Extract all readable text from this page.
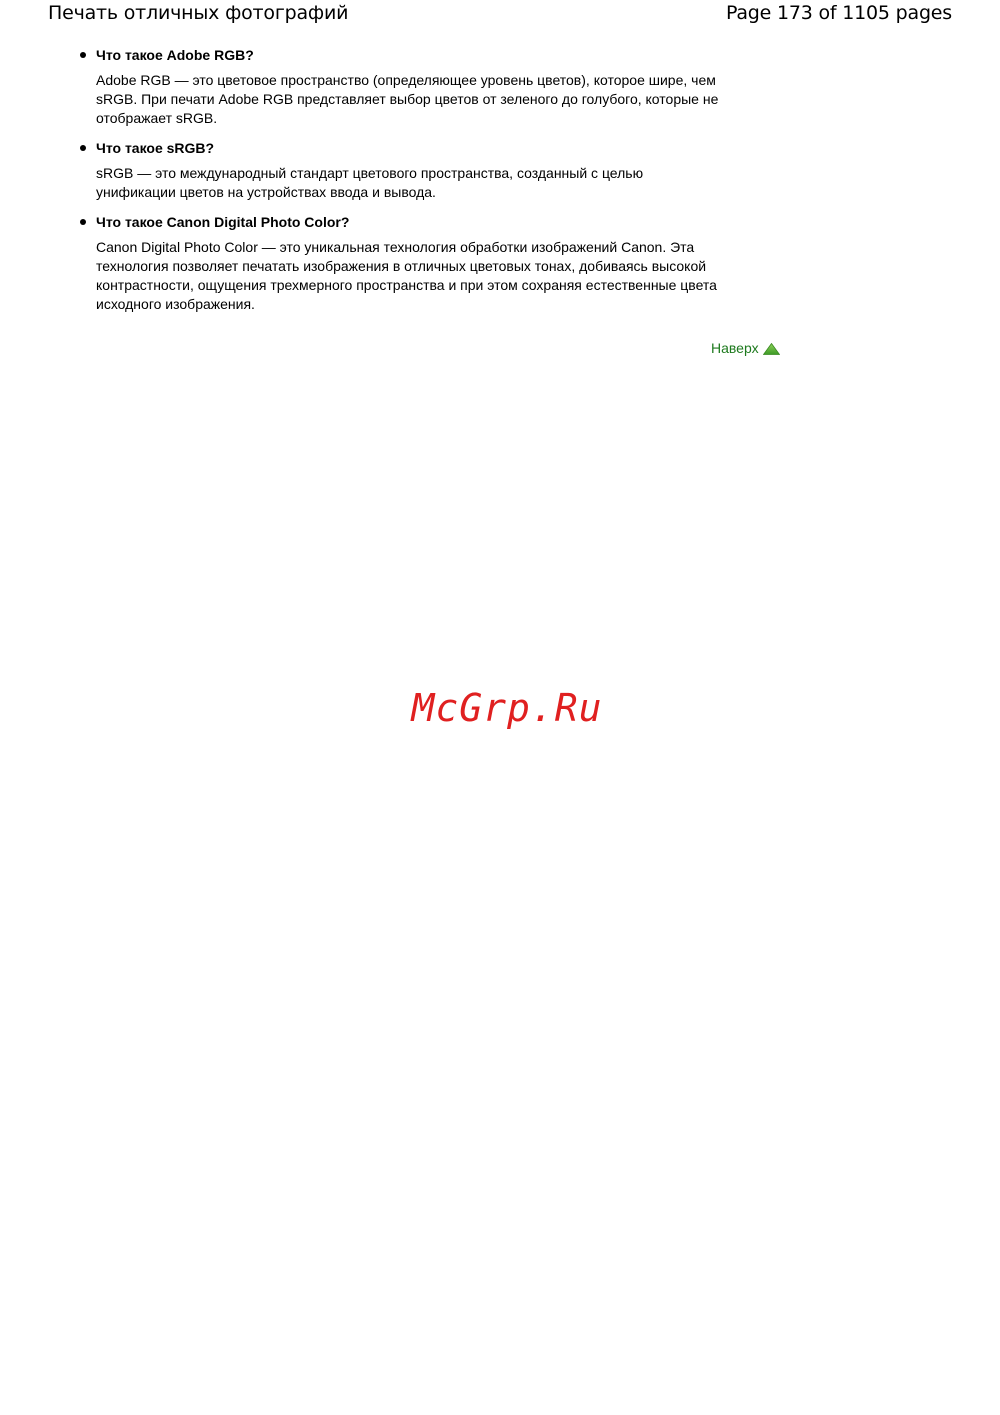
Печать отличных фотографий	Page 173 of 1105 pages
Что такое Adobe RGB?

Adobe RGB — это цветовое пространство (определяющее уровень цветов), которое шире, чем
sRGB. При печати Adobe RGB представляет выбор цветов от зеленого до голубого, которые не
отображает sRGB.

Что такое sRGB?

sRGB — это международный стандарт цветового пространства, созданный с целью
унификации цветов на устройствах ввода и вывода.

Что такое Canon Digital Photo Color?

Canon Digital Photo Color — это уникальная технология обработки изображений Canon. Эта
технология позволяет печатать изображения в отличных цветовых тонах, добиваясь высокой
контрастности, ощущения трехмерного пространства и при этом сохраняя естественные цвета
исходного изображения.

Наверх
McGrp.Ru
